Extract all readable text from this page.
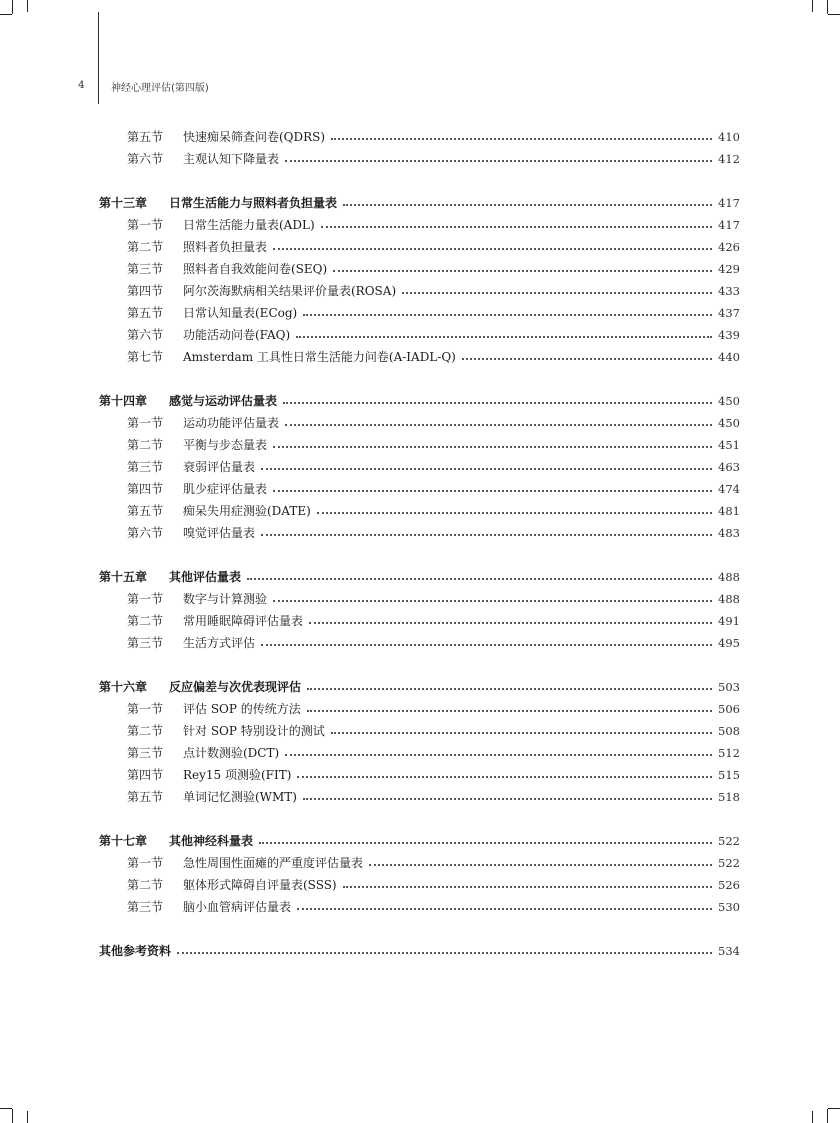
4	神经心理评估(第四版)
第五节	快速痴呆筛查问卷(QDRS)	410
第六节	主观认知下降量表	412
第十三章	日常生活能力与照料者负担量表	417
第一节	日常生活能力量表(ADL)	417
第二节	照料者负担量表	426
第三节	照料者自我效能问卷(SEQ)	429
第四节	阿尔茨海默病相关结果评价量表(ROSA)	433
第五节	日常认知量表(ECog)	437
第六节	功能活动问卷(FAQ)	439
第七节	Amsterdam 工具性日常生活能力问卷(A‑IADL‑Q)	440
第十四章	感觉与运动评估量表	450
第一节	运动功能评估量表	450
第二节	平衡与步态量表	451
第三节	衰弱评估量表	463
第四节	肌少症评估量表	474
第五节	痴呆失用症测验(DATE)	481
第六节	嗅觉评估量表	483
第十五章	其他评估量表	488
第一节	数字与计算测验	488
第二节	常用睡眠障碍评估量表	491
第三节	生活方式评估	495
第十六章	反应偏差与次优表现评估	503
第一节	评估 SOP 的传统方法	506
第二节	针对 SOP 特别设计的测试	508
第三节	点计数测验(DCT)	512
第四节	Rey15 项测验(FIT)	515
第五节	单词记忆测验(WMT)	518
第十七章	其他神经科量表	522
第一节	急性周围性面瘫的严重度评估量表	522
第二节	躯体形式障碍自评量表(SSS)	526
第三节	脑小血管病评估量表	530
其他参考资料	534
